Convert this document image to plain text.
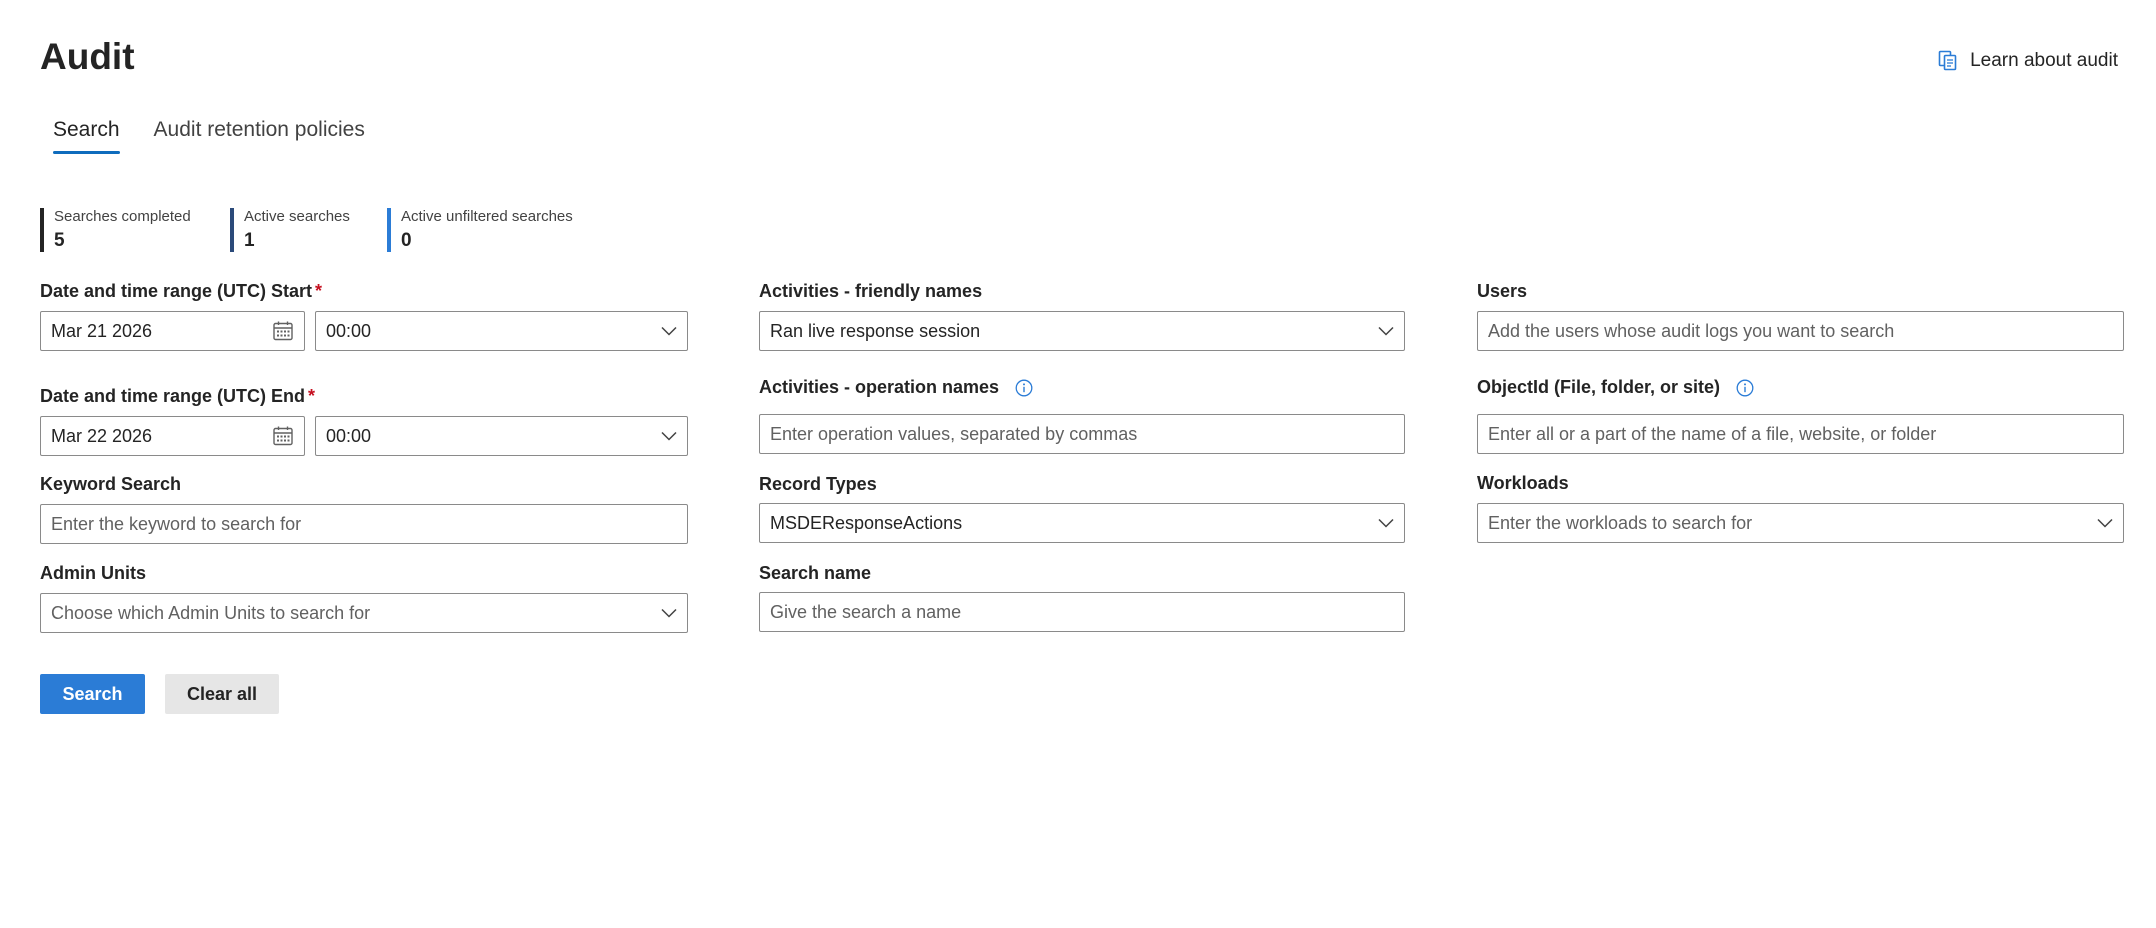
Audit	Learn about audit
Search Audit retention policies
Searches completed
5
Active searches
1
Active unfiltered searches
0
Date and time range (UTC) Start *
Mar 21 2026	00:00
Date and time range (UTC) End *
Mar 22 2026	00:00
Keyword Search
Enter the keyword to search for
Admin Units
Choose which Admin Units to search for
Activities - friendly names
Ran live response session
Activities - operation names
Enter operation values, separated by commas
Record Types
MSDEResponseActions
Search name
Give the search a name
Users
Add the users whose audit logs you want to search
ObjectId (File, folder, or site)
Enter all or a part of the name of a file, website, or folder
Workloads
Enter the workloads to search for
Search	Clear all
